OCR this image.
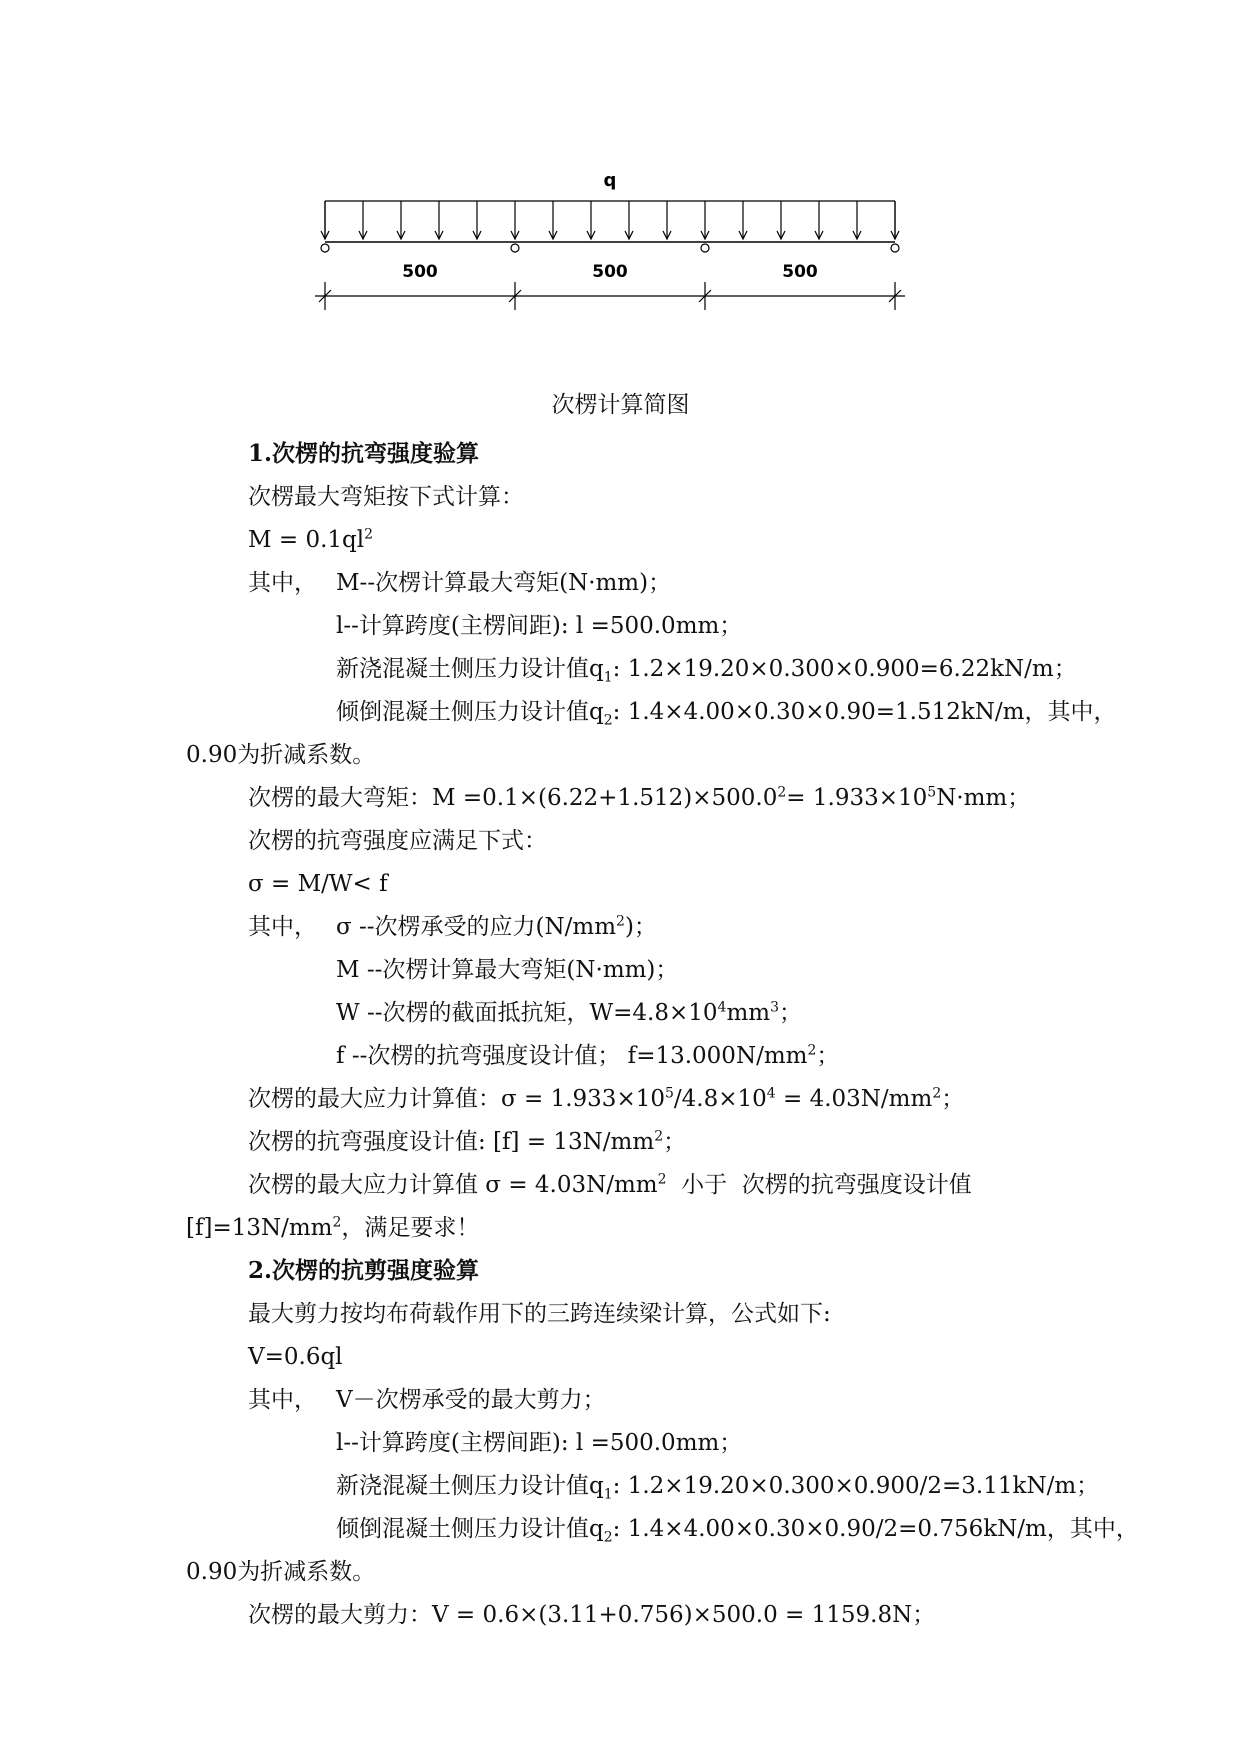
q
500	500	500
次楞计算简图
1.次楞的抗弯强度验算
次楞最大弯矩按下式计算：
$M = 0.1ql^2$
其中， M--次楞计算最大弯矩(N·mm)；
l--计算跨度(主楞间距): l =500.0mm；
新浇混凝土侧压力设计值$q_1$: 1.2×19.20×0.300×0.900=6.22kN/m；
倾倒混凝土侧压力设计值$q_2$: 1.4×4.00×0.30×0.90=1.512kN/m，其中，
0.90为折减系数。
次楞的最大弯矩：$M =0.1\times(6.22+1.512)\times 500.0^2= 1.933\times 10^5N\cdot mm$；
次楞的抗弯强度应满足下式：
σ = M/W< f
其中， σ --次楞承受的应力$(N/mm^2)$；
M --次楞计算最大弯矩(N·mm)；
W --次楞的截面抵抗矩，$W=4.8\times 10^4mm^3$；
f --次楞的抗弯强度设计值； $f=13.000N/mm^2$；
次楞的最大应力计算值：$\sigma = 1.933\times 10^5/4.8\times 10^4 = 4.03N/mm^2$；
次楞的抗弯强度设计值: $[f] = 13N/mm^2$；
次楞的最大应力计算值 $\sigma = 4.03N/mm^2$  小于  次楞的抗弯强度设计值
$[f]=13N/mm^2$，满足要求！
2.次楞的抗剪强度验算
最大剪力按均布荷载作用下的三跨连续梁计算，公式如下:
V=0.6ql
其中， V－次楞承受的最大剪力；
l--计算跨度(主楞间距): l =500.0mm；
新浇混凝土侧压力设计值$q_1$: 1.2×19.20×0.300×0.900/2=3.11kN/m；
倾倒混凝土侧压力设计值$q_2$: 1.4×4.00×0.30×0.90/2=0.756kN/m，其中，
0.90为折减系数。
次楞的最大剪力：V = 0.6×(3.11+0.756)×500.0 = 1159.8N；
